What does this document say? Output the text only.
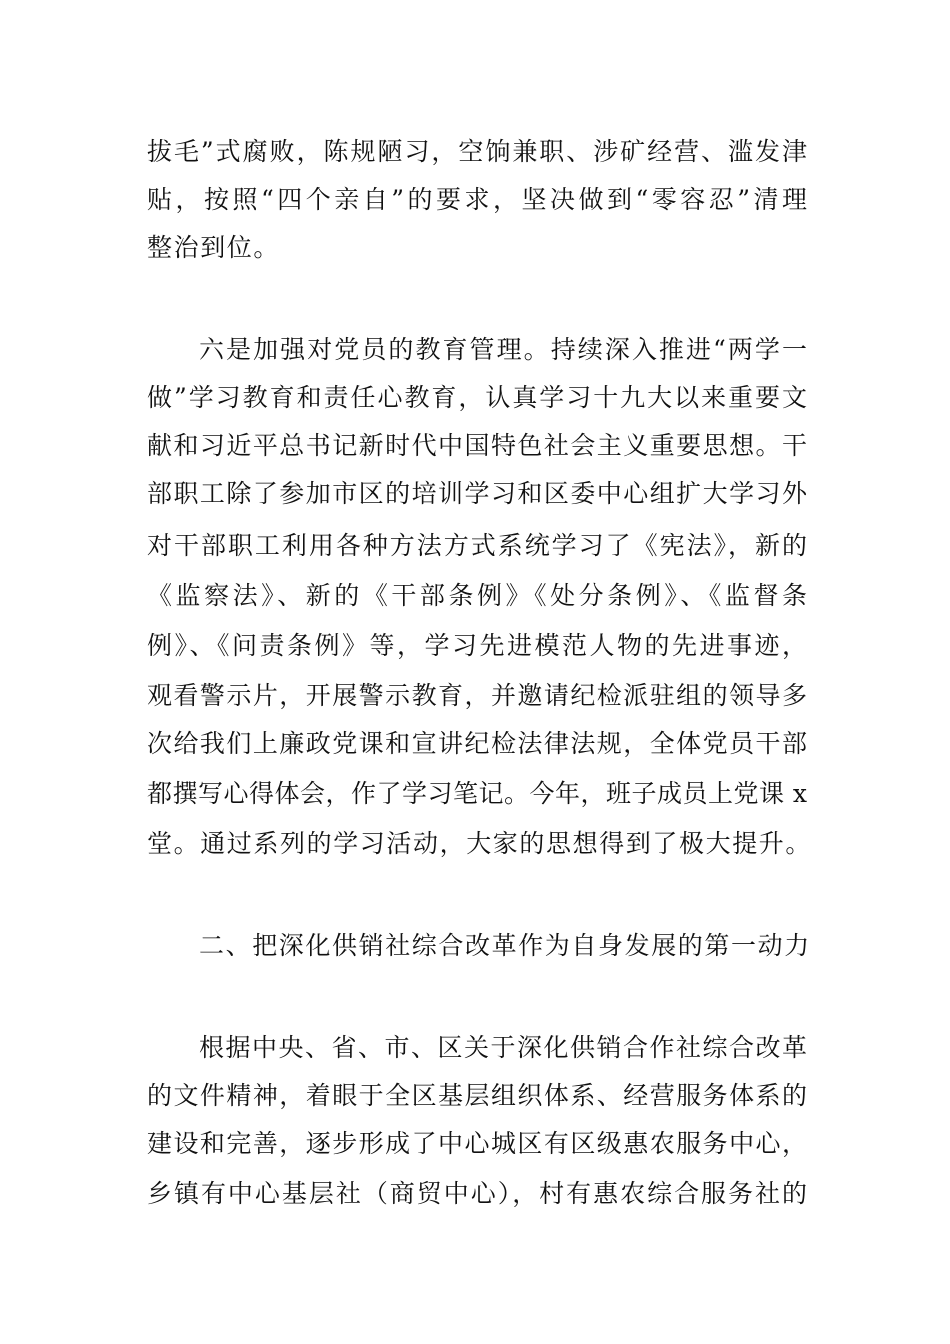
拔毛”式腐败，陈规陋习，空饷兼职、涉矿经营、滥发津
贴，按照“四个亲自”的要求，坚决做到“零容忍”清理
整治到位。
六是加强对党员的教育管理。持续深入推进“两学一
做”学习教育和责任心教育，认真学习十九大以来重要文
献和习近平总书记新时代中国特色社会主义重要思想。干
部职工除了参加市区的培训学习和区委中心组扩大学习外
对干部职工利用各种方法方式系统学习了《宪法》，新的
《监察法》、新的《干部条例》《处分条例》、《监督条
例》、《问责条例》等，学习先进模范人物的先进事迹，
观看警示片，开展警示教育，并邀请纪检派驻组的领导多
次给我们上廉政党课和宣讲纪检法律法规，全体党员干部
都撰写心得体会，作了学习笔记。今年，班子成员上党课 x
堂。通过系列的学习活动，大家的思想得到了极大提升。
二、把深化供销社综合改革作为自身发展的第一动力
根据中央、省、市、区关于深化供销合作社综合改革
的文件精神，着眼于全区基层组织体系、经营服务体系的
建设和完善，逐步形成了中心城区有区级惠农服务中心，
乡镇有中心基层社（商贸中心），村有惠农综合服务社的
